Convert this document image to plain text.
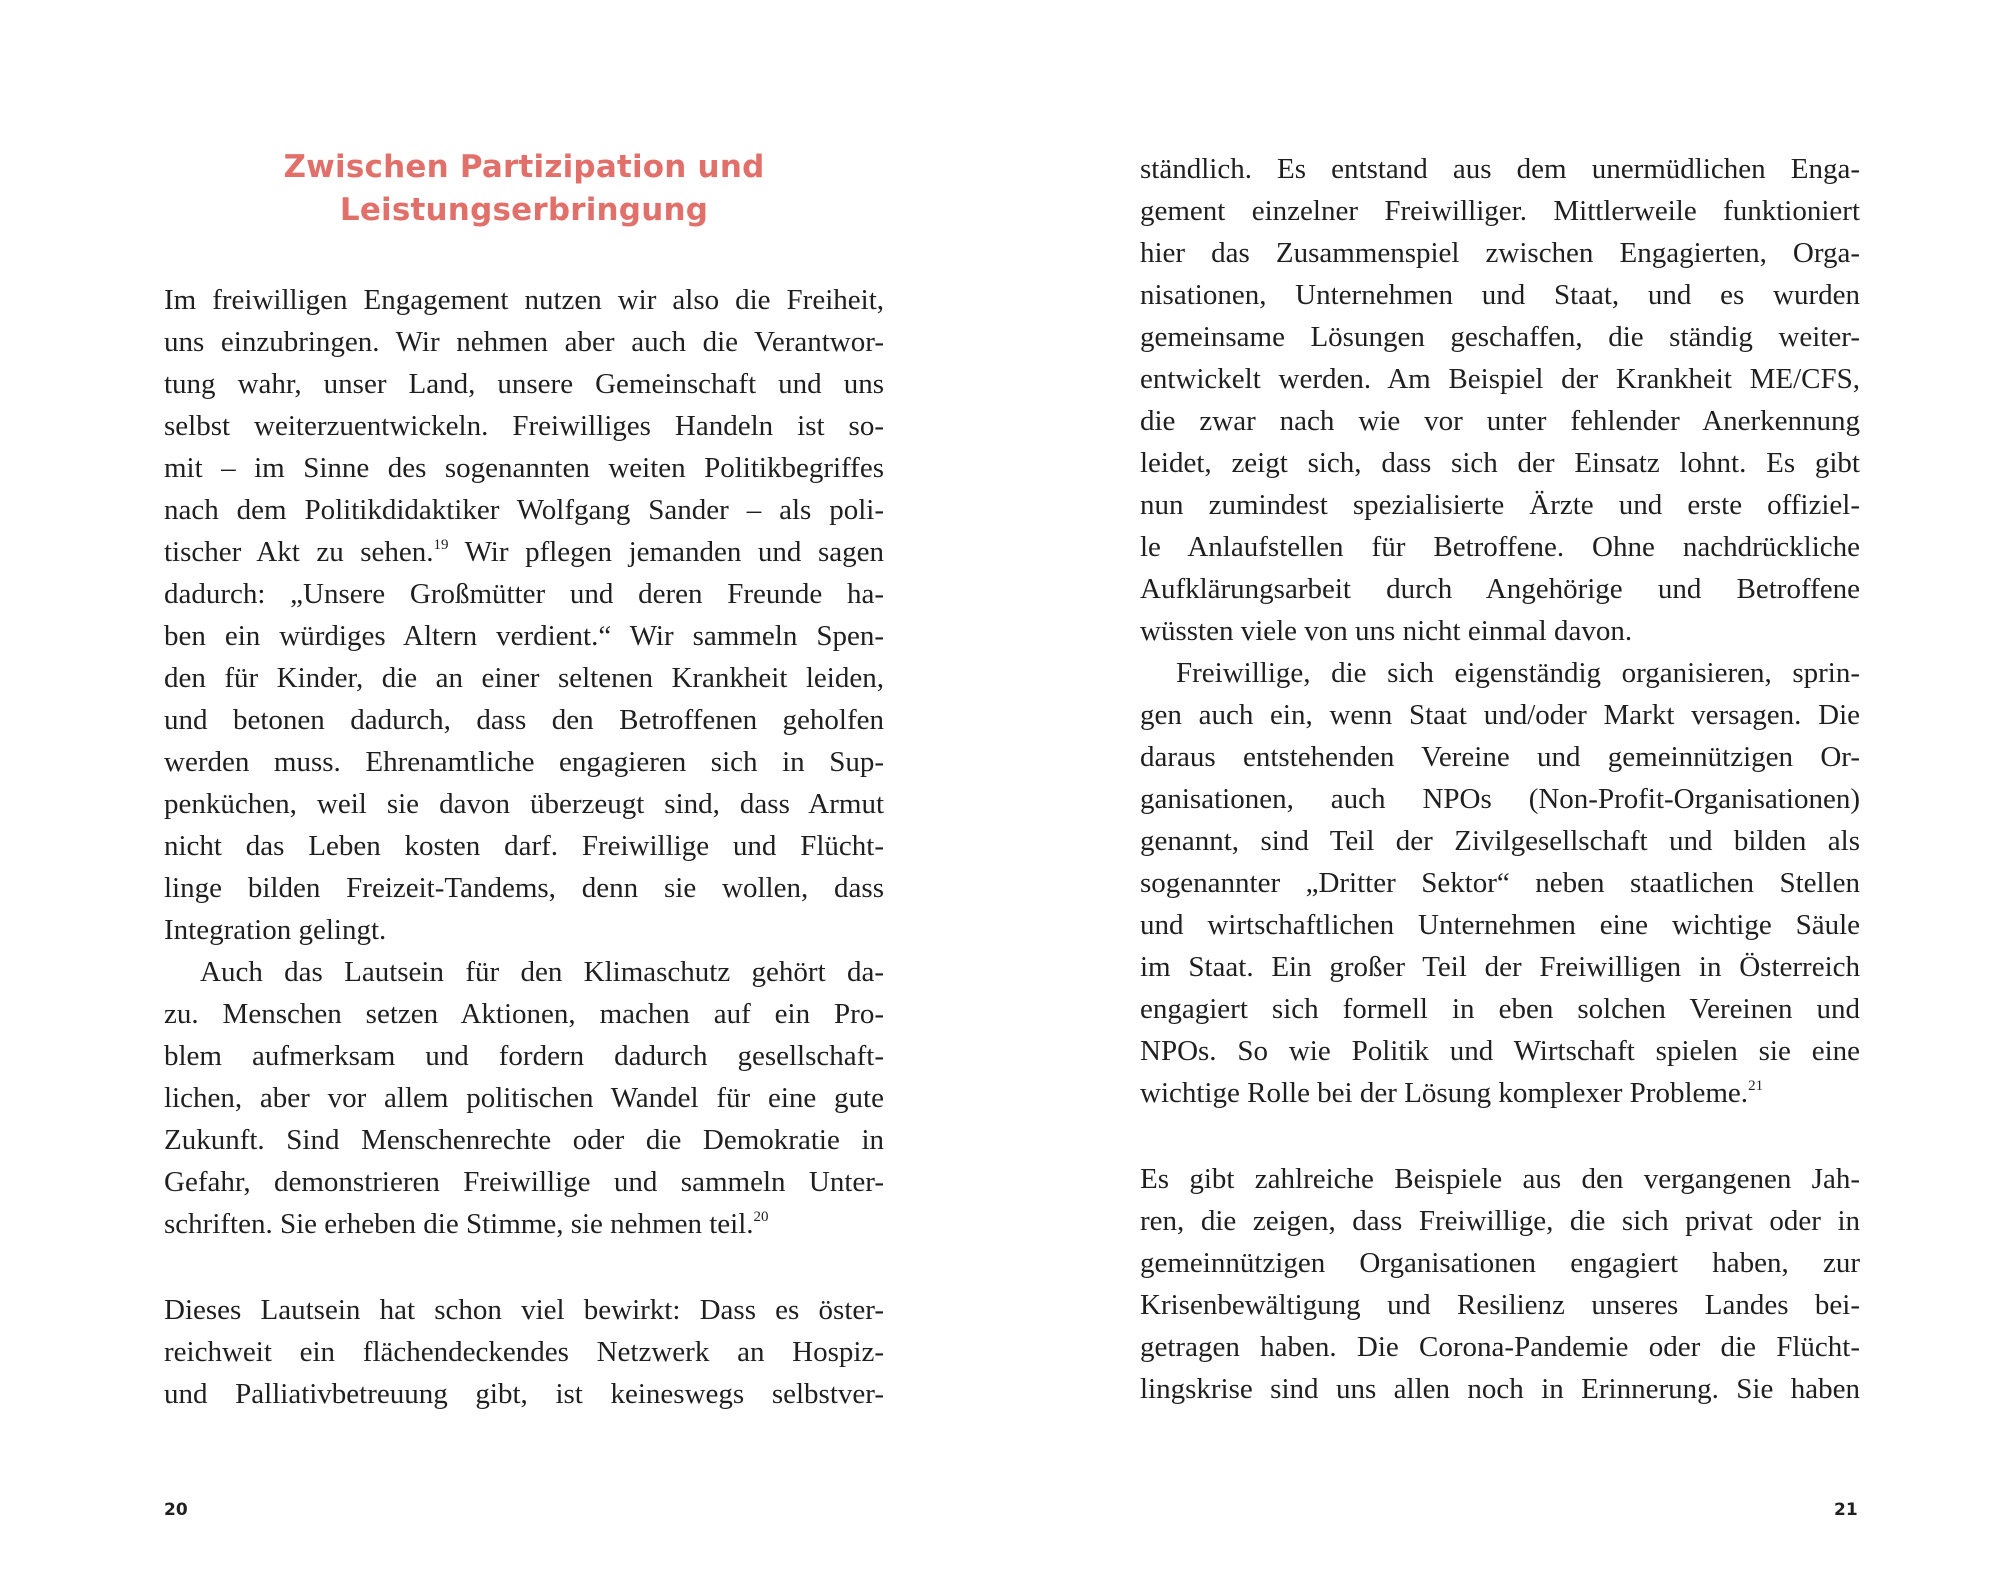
Zwischen Partizipation und
Leistungserbringung
Im freiwilligen Engagement nutzen wir also die Freiheit,
uns einzubringen. Wir nehmen aber auch die Verantwor-
tung wahr, unser Land, unsere Gemeinschaft und uns
selbst weiterzuentwickeln. Freiwilliges Handeln ist so-
mit – im Sinne des sogenannten weiten Politikbegriffes
nach dem Politikdidaktiker Wolfgang Sander – als poli-
tischer Akt zu sehen.$^{19}$ Wir pflegen jemanden und sagen
dadurch: „Unsere Großmütter und deren Freunde ha-
ben ein würdiges Altern verdient.“ Wir sammeln Spen-
den für Kinder, die an einer seltenen Krankheit leiden,
und betonen dadurch, dass den Betroffenen geholfen
werden muss. Ehrenamtliche engagieren sich in Sup-
penküchen, weil sie davon überzeugt sind, dass Armut
nicht das Leben kosten darf. Freiwillige und Flücht-
linge bilden Freizeit-Tandems, denn sie wollen, dass
Integration gelingt.
Auch das Lautsein für den Klimaschutz gehört da-
zu. Menschen setzen Aktionen, machen auf ein Pro-
blem aufmerksam und fordern dadurch gesellschaft-
lichen, aber vor allem politischen Wandel für eine gute
Zukunft. Sind Menschenrechte oder die Demokratie in
Gefahr, demonstrieren Freiwillige und sammeln Unter-
schriften. Sie erheben die Stimme, sie nehmen teil.$^{20}$
Dieses Lautsein hat schon viel bewirkt: Dass es öster-
reichweit ein flächendeckendes Netzwerk an Hospiz-
und Palliativbetreuung gibt, ist keineswegs selbstver-
20
ständlich. Es entstand aus dem unermüdlichen Enga-
gement einzelner Freiwilliger. Mittlerweile funktioniert
hier das Zusammenspiel zwischen Engagierten, Orga-
nisationen, Unternehmen und Staat, und es wurden
gemeinsame Lösungen geschaffen, die ständig weiter-
entwickelt werden. Am Beispiel der Krankheit ME/CFS,
die zwar nach wie vor unter fehlender Anerkennung
leidet, zeigt sich, dass sich der Einsatz lohnt. Es gibt
nun zumindest spezialisierte Ärzte und erste offiziel-
le Anlaufstellen für Betroffene. Ohne nachdrückliche
Aufklärungsarbeit durch Angehörige und Betroffene
wüssten viele von uns nicht einmal davon.
Freiwillige, die sich eigenständig organisieren, sprin-
gen auch ein, wenn Staat und/oder Markt versagen. Die
daraus entstehenden Vereine und gemeinnützigen Or-
ganisationen, auch NPOs (Non-Profit-Organisationen)
genannt, sind Teil der Zivilgesellschaft und bilden als
sogenannter „Dritter Sektor“ neben staatlichen Stellen
und wirtschaftlichen Unternehmen eine wichtige Säule
im Staat. Ein großer Teil der Freiwilligen in Österreich
engagiert sich formell in eben solchen Vereinen und
NPOs. So wie Politik und Wirtschaft spielen sie eine
wichtige Rolle bei der Lösung komplexer Probleme.$^{21}$
Es gibt zahlreiche Beispiele aus den vergangenen Jah-
ren, die zeigen, dass Freiwillige, die sich privat oder in
gemeinnützigen Organisationen engagiert haben, zur
Krisenbewältigung und Resilienz unseres Landes bei-
getragen haben. Die Corona-Pandemie oder die Flücht-
lingskrise sind uns allen noch in Erinnerung. Sie haben
21
